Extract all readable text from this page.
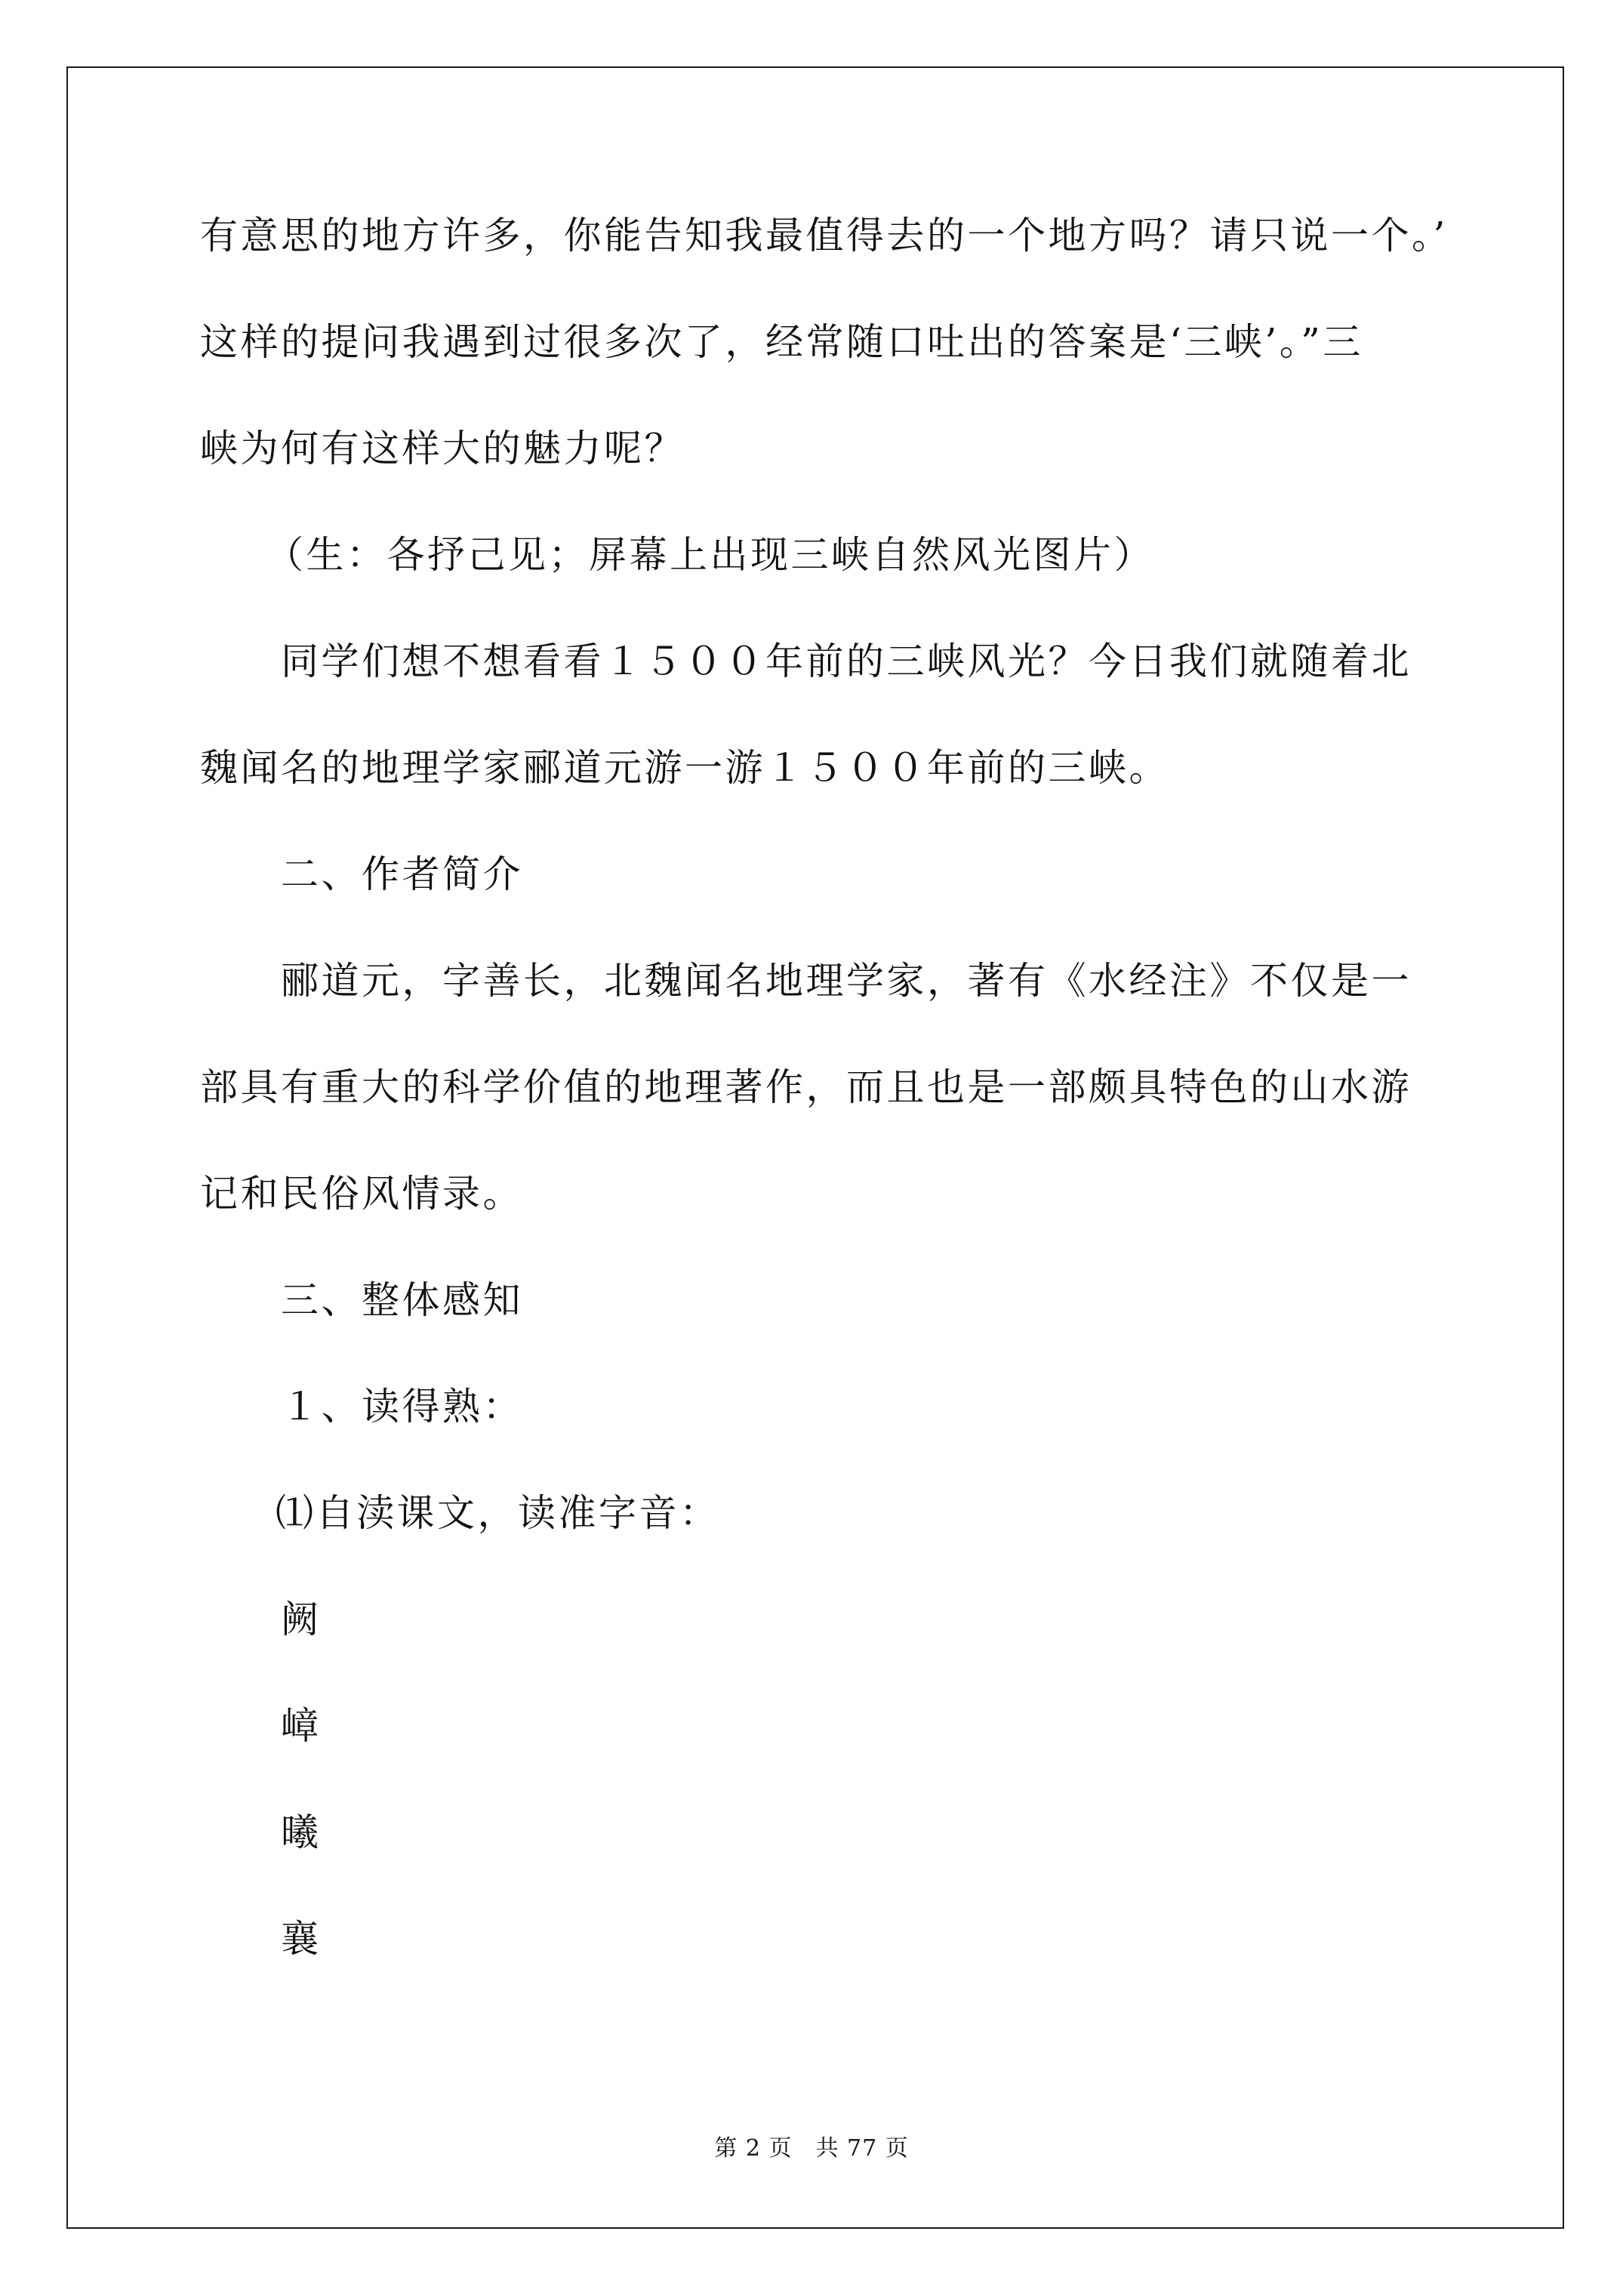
有意思的地方许多，你能告知我最值得去的一个地方吗？请只说一个。’
这样的提问我遇到过很多次了，经常随口吐出的答案是‘三峡’。”三
峡为何有这样大的魅力呢？
（生：各抒己见；屏幕上出现三峡自然风光图片）
同学们想不想看看１５００年前的三峡风光？今日我们就随着北
魏闻名的地理学家郦道元游一游１５００年前的三峡。
二、作者简介
郦道元，字善长，北魏闻名地理学家，著有《水经注》不仅是一
部具有重大的科学价值的地理著作，而且也是一部颇具特色的山水游
记和民俗风情录。
三、整体感知
１、读得熟：
⑴自渎课文，读准字音：
阙
嶂
曦
襄
第 2 页　共 77 页
